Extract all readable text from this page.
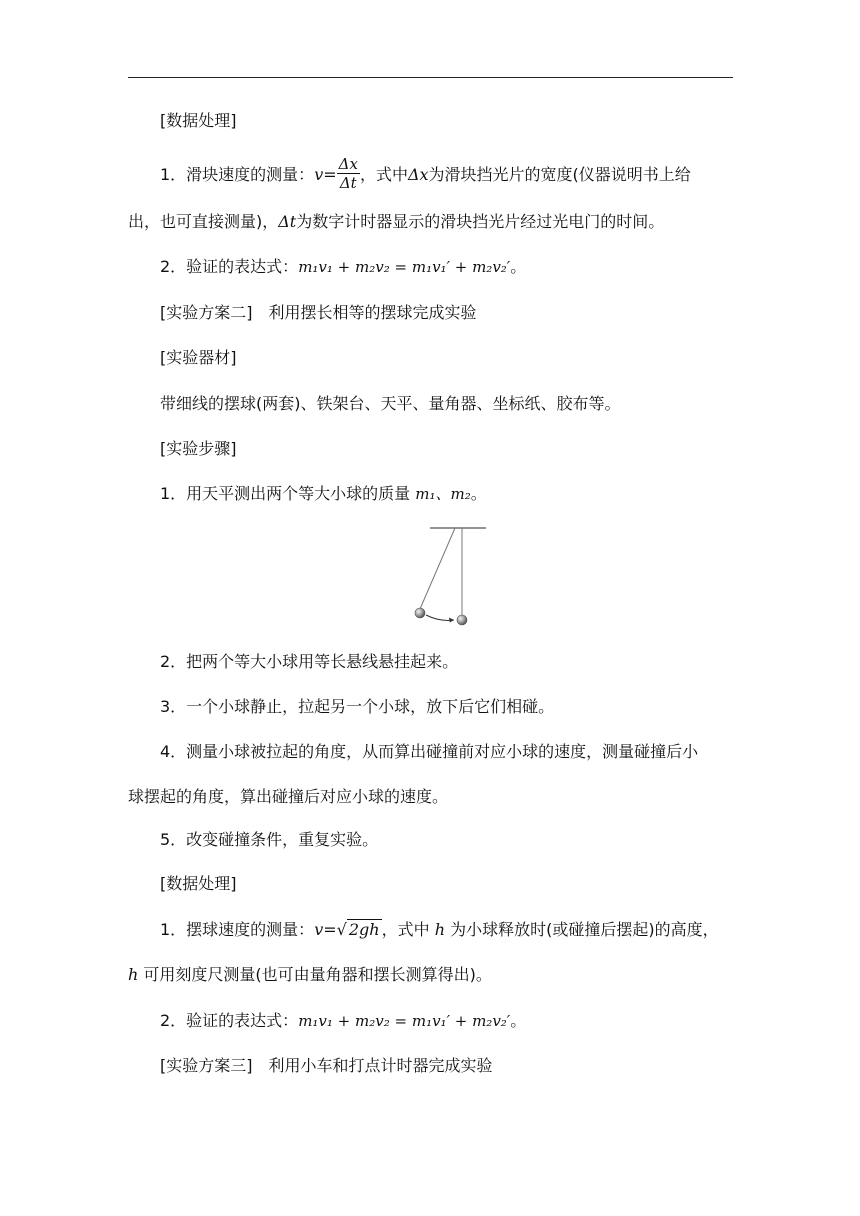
[数据处理]
1．滑块速度的测量：$v= \frac{\Delta x}{\Delta t}$ ，式中Δx为滑块挡光片的宽度(仪器说明书上给
出，也可直接测量)，Δt为数字计时器显示的滑块挡光片经过光电门的时间。
2．验证的表达式：m₁v₁ + m₂v₂ = m₁v₁′ + m₂v₂′。
[实验方案二]　利用摆长相等的摆球完成实验
[实验器材]
带细线的摆球(两套)、铁架台、天平、量角器、坐标纸、胶布等。
[实验步骤]
1．用天平测出两个等大小球的质量 m₁、m₂。
2．把两个等大小球用等长悬线悬挂起来。
3．一个小球静止，拉起另一个小球，放下后它们相碰。
4．测量小球被拉起的角度，从而算出碰撞前对应小球的速度，测量碰撞后小
球摆起的角度，算出碰撞后对应小球的速度。
5．改变碰撞条件，重复实验。
[数据处理]
1．摆球速度的测量：v=√ 2gh ，式中 h 为小球释放时(或碰撞后摆起)的高度，
h 可用刻度尺测量(也可由量角器和摆长测算得出)。
2．验证的表达式：m₁v₁ + m₂v₂ = m₁v₁′ + m₂v₂′。
[实验方案三]　利用小车和打点计时器完成实验
